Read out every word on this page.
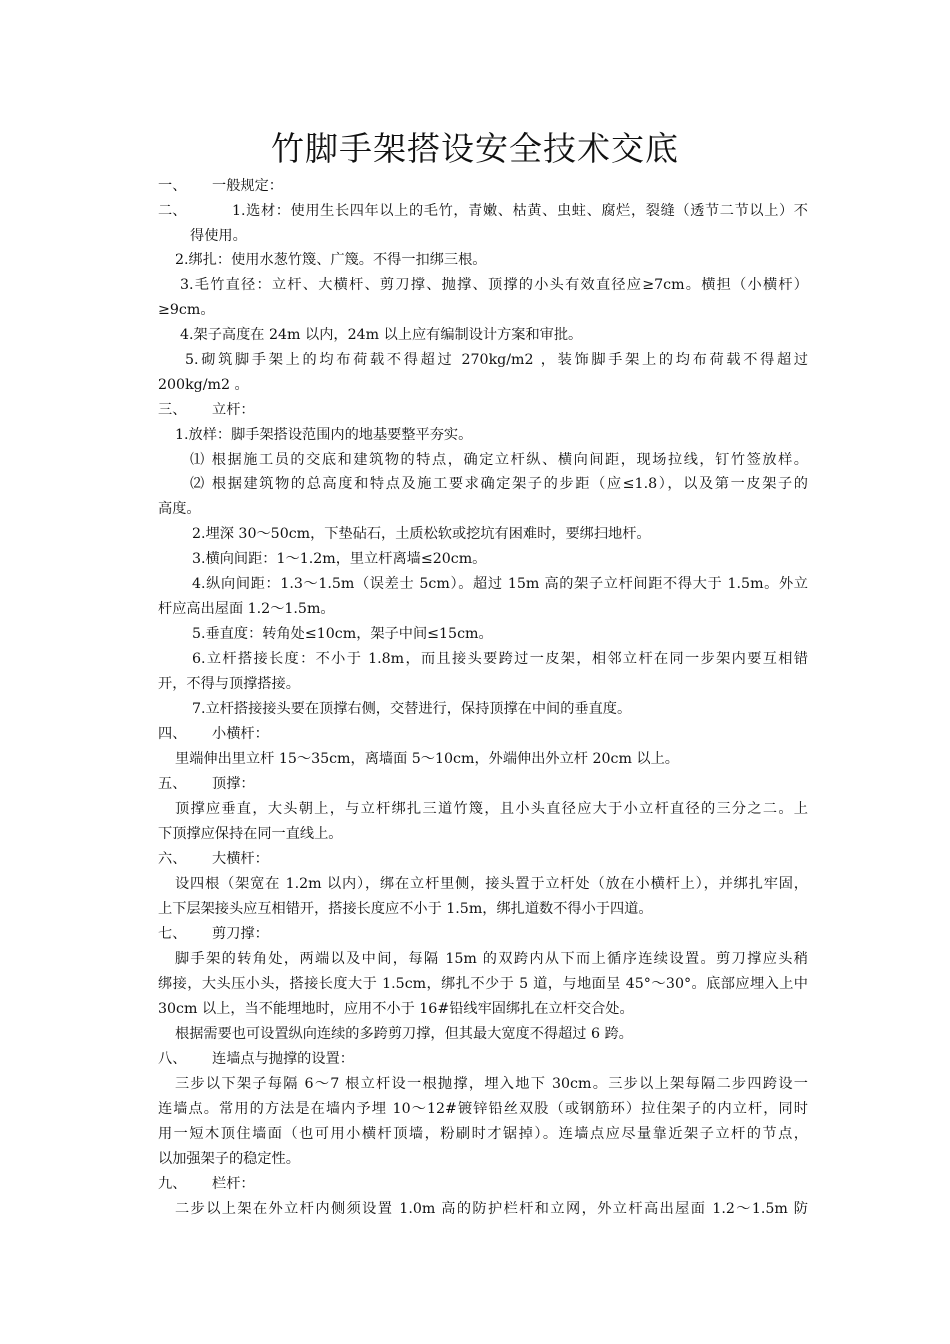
竹脚手架搭设安全技术交底
一、 一般规定：
二、	1.选材：使用生长四年以上的毛竹，青嫩、枯黄、虫蛀、腐烂，裂缝（透节二节以上）不
得使用。
2.绑扎：使用水葱竹篾、广篾。不得一扣绑三根。
3.毛竹直径：立杆、大横杆、剪刀撑、抛撑、顶撑的小头有效直径应≥7cm。横担（小横杆）
≥9cm。
4.架子高度在 24m 以内，24m 以上应有编制设计方案和审批。
5.砌筑脚手架上的均布荷载不得超过 270kg/m2 ，装饰脚手架上的均布荷载不得超过
200kg/m2 。
三、 立杆：
1.放样：脚手架搭设范围内的地基要整平夯实。
⑴ 根据施工员的交底和建筑物的特点，确定立杆纵、横向间距，现场拉线，钉竹签放样。
⑵ 根据建筑物的总高度和特点及施工要求确定架子的步距（应≤1.8），以及第一皮架子的
高度。
2.埋深 30～50cm，下垫砧石，土质松软或挖坑有困难时，要绑扫地杆。
3.横向间距：1～1.2m，里立杆离墙≤20cm。
4.纵向间距：1.3～1.5m（误差士 5cm）。超过 15m 高的架子立杆间距不得大于 1.5m。外立
杆应高出屋面 1.2～1.5m。
5.垂直度：转角处≤10cm，架子中间≤15cm。
6.立杆搭接长度：不小于 1.8m，而且接头要跨过一皮架，相邻立杆在同一步架内要互相错
开，不得与顶撑搭接。
7.立杆搭接接头要在顶撑右侧，交替进行，保持顶撑在中间的垂直度。
四、 小横杆：
里端伸出里立杆 15～35cm，离墙面 5～10cm，外端伸出外立杆 20cm 以上。
五、 顶撑：
顶撑应垂直，大头朝上，与立杆绑扎三道竹篾，且小头直径应大于小立杆直径的三分之二。上
下顶撑应保持在同一直线上。
六、 大横杆：
设四根（架宽在 1.2m 以内），绑在立杆里侧，接头置于立杆处（放在小横杆上），并绑扎牢固，
上下层架接头应互相错开，搭接长度应不小于 1.5m，绑扎道数不得小于四道。
七、 剪刀撑：
脚手架的转角处，两端以及中间，每隔 15m 的双跨内从下而上循序连续设置。剪刀撑应头稍
绑接，大头压小头，搭接长度大于 1.5cm，绑扎不少于 5 道，与地面呈 45°～30°。底部应埋入上中
30cm 以上，当不能埋地时，应用不小于 16#铅线牢固绑扎在立杆交合处。
根据需要也可设置纵向连续的多跨剪刀撑，但其最大宽度不得超过 6 跨。
八、 连墙点与抛撑的设置：
三步以下架子每隔 6～7 根立杆设一根抛撑，埋入地下 30cm。三步以上架每隔二步四跨设一
连墙点。常用的方法是在墙内予埋 10～12#镀锌铅丝双股（或钢筋环）拉住架子的内立杆，同时
用一短木顶住墙面（也可用小横杆顶墙，粉刷时才锯掉）。连墙点应尽量靠近架子立杆的节点，
以加强架子的稳定性。
九、 栏杆：
二步以上架在外立杆内侧须设置 1.0m 高的防护栏杆和立网，外立杆高出屋面 1.2～1.5m 防
